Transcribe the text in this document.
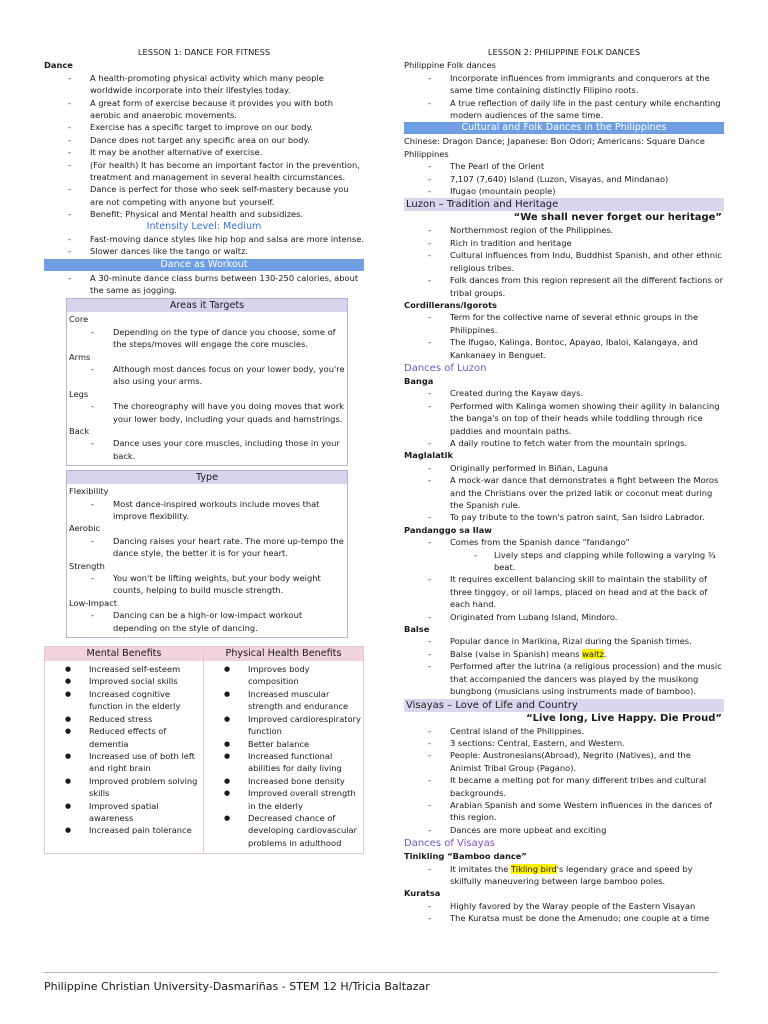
LESSON 1: DANCE FOR FITNESS
Dance
- A health-promoting physical activity which many people worldwide incorporate into their lifestyles today.
- A great form of exercise because it provides you with both aerobic and anaerobic movements.
- Exercise has a specific target to improve on our body.
- Dance does not target any specific area on our body.
- It may be another alternative of exercise.
- (For health) It has become an important factor in the prevention, treatment and management in several health circumstances.
- Dance is perfect for those who seek self-mastery because you are not competing with anyone but yourself.
- Benefit: Physical and Mental health and subsidizes.
Intensity Level: Medium
- Fast-moving dance styles like hip hop and salsa are more intense.
- Slower dances like the tango or waltz.
Dance as Workout
- A 30-minute dance class burns between 130-250 calories, about the same as jogging.
Areas it Targets
Core
- Depending on the type of dance you choose, some of the steps/moves will engage the core muscles.
Arms
- Although most dances focus on your lower body, you're also using your arms.
Legs
- The choreography will have you doing moves that work your lower body, including your quads and hamstrings.
Back
- Dance uses your core muscles, including those in your back.
Type
Flexibility
- Most dance-inspired workouts include moves that improve flexibility.
Aerobic
- Dancing raises your heart rate. The more up-tempo the dance style, the better it is for your heart.
Strength
- You won't be lifting weights, but your body weight counts, helping to build muscle strength.
Low-Impact
- Dancing can be a high-or low-impact workout depending on the style of dancing.
Mental Benefits
● Increased self-esteem
● Improved social skills
● Increased cognitive function in the elderly
● Reduced stress
● Reduced effects of dementia
● Increased use of both left and right brain
● Improved problem solving skills
● Improved spatial awareness
● Increased pain tolerance
Physical Health Benefits
● Improves body composition
● Increased muscular strength and endurance
● Improved cardiorespiratory function
● Better balance
● Increased functional abilities for daily living
● Increased bone density
● Improved overall strength in the elderly
● Decreased chance of developing cardiovascular problems in adulthood
LESSON 2: PHILIPPINE FOLK DANCES
Philippine Folk dances
- Incorporate influences from immigrants and conquerors at the same time containing distinctly Filipino roots.
- A true reflection of daily life in the past century while enchanting modern audiences of the same time.
Cultural and Folk Dances in the Philippines
Chinese: Dragon Dance; Japanese: Bon Odori; Americans: Square Dance
Philippines
- The Pearl of the Orient
- 7,107 (7,640) Island (Luzon, Visayas, and Mindanao)
- Ifugao (mountain people)
Luzon – Tradition and Heritage
“We shall never forget our heritage”
- Northernmost region of the Philippines.
- Rich in tradition and heritage
- Cultural influences from Indu, Buddhist Spanish, and other ethnic religious tribes.
- Folk dances from this region represent all the different factions or tribal groups.
Cordillerans/Igorots
- Term for the collective name of several ethnic groups in the Philippines.
- The Ifugao, Kalinga, Bontoc, Apayao, Ibaloi, Kalangaya, and Kankanaey in Benguet.
Dances of Luzon
Banga
- Created during the Kayaw days.
- Performed with Kalinga women showing their agility in balancing the banga's on top of their heads while toddling through rice paddies and mountain paths.
- A daily routine to fetch water from the mountain springs.
Maglalatik
- Originally performed in Biñan, Laguna
- A mock-war dance that demonstrates a fight between the Moros and the Christians over the prized latik or coconut meat during the Spanish rule.
- To pay tribute to the town's patron saint, San Isidro Labrador.
Pandanggo sa Ilaw
- Comes from the Spanish dance “fandango”
- Lively steps and clapping while following a varying ¾ beat.
- It requires excellent balancing skill to maintain the stability of three tinggoy, or oil lamps, placed on head and at the back of each hand.
- Originated from Lubang Island, Mindoro.
Balse
- Popular dance in Marikina, Rizal during the Spanish times.
- Balse (valse in Spanish) means waltz.
- Performed after the lutrina (a religious procession) and the music that accompanied the dancers was played by the musikong bungbong (musicians using instruments made of bamboo).
Visayas – Love of Life and Country
“Live long, Live Happy. Die Proud”
- Central island of the Philippines.
- 3 sections: Central, Eastern, and Western.
- People: Austronesians(Abroad), Negrito (Natives), and the Animist Tribal Group (Pagano).
- It became a melting pot for many different tribes and cultural backgrounds.
- Arabian Spanish and some Western influences in the dances of this region.
- Dances are more upbeat and exciting
Dances of Visayas
Tinikling “Bamboo dance”
- It imitates the Tikling bird's legendary grace and speed by skilfully maneuvering between large bamboo poles.
Kuratsa
- Highly favored by the Waray people of the Eastern Visayan
- The Kuratsa must be done the Amenudo; one couple at a time
Philippine Christian University-Dasmariñas - STEM 12 H/Tricia Baltazar
